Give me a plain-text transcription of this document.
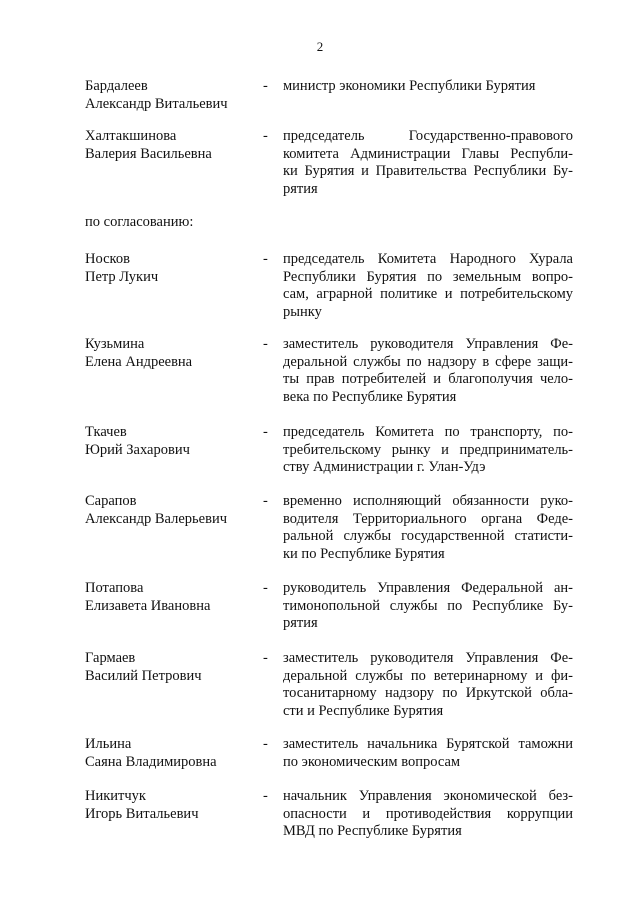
2
Бардалеев
Александр Витальевич
-	министр экономики Республики Бурятия
Халтакшинова
Валерия Васильевна
-	председатель Государственно-правового
комитета Администрации Главы Республи-
ки Бурятия и Правительства Республики Бу-
рятия
по согласованию:
Носков
Петр Лукич
-	председатель Комитета Народного Хурала
Республики Бурятия по земельным вопро-
сам, аграрной политике и потребительскому
рынку
Кузьмина
Елена Андреевна
-	заместитель руководителя Управления Фе-
деральной службы по надзору в сфере защи-
ты прав потребителей и благополучия чело-
века по Республике Бурятия
Ткачев
Юрий Захарович
-	председатель Комитета по транспорту, по-
требительскому рынку и предприниматель-
ству Администрации г. Улан-Удэ
Сарапов
Александр Валерьевич
-	временно исполняющий обязанности руко-
водителя Территориального органа Феде-
ральной службы государственной статисти-
ки по Республике Бурятия
Потапова
Елизавета Ивановна
-	руководитель Управления Федеральной ан-
тимонопольной службы по Республике Бу-
рятия
Гармаев
Василий Петрович
-	заместитель руководителя Управления Фе-
деральной службы по ветеринарному и фи-
тосанитарному надзору по Иркутской обла-
сти и Республике Бурятия
Ильина
Саяна Владимировна
-	заместитель начальника Бурятской таможни
по экономическим вопросам
Никитчук
Игорь Витальевич
-	начальник Управления экономической без-
опасности и противодействия коррупции
МВД по Республике Бурятия
